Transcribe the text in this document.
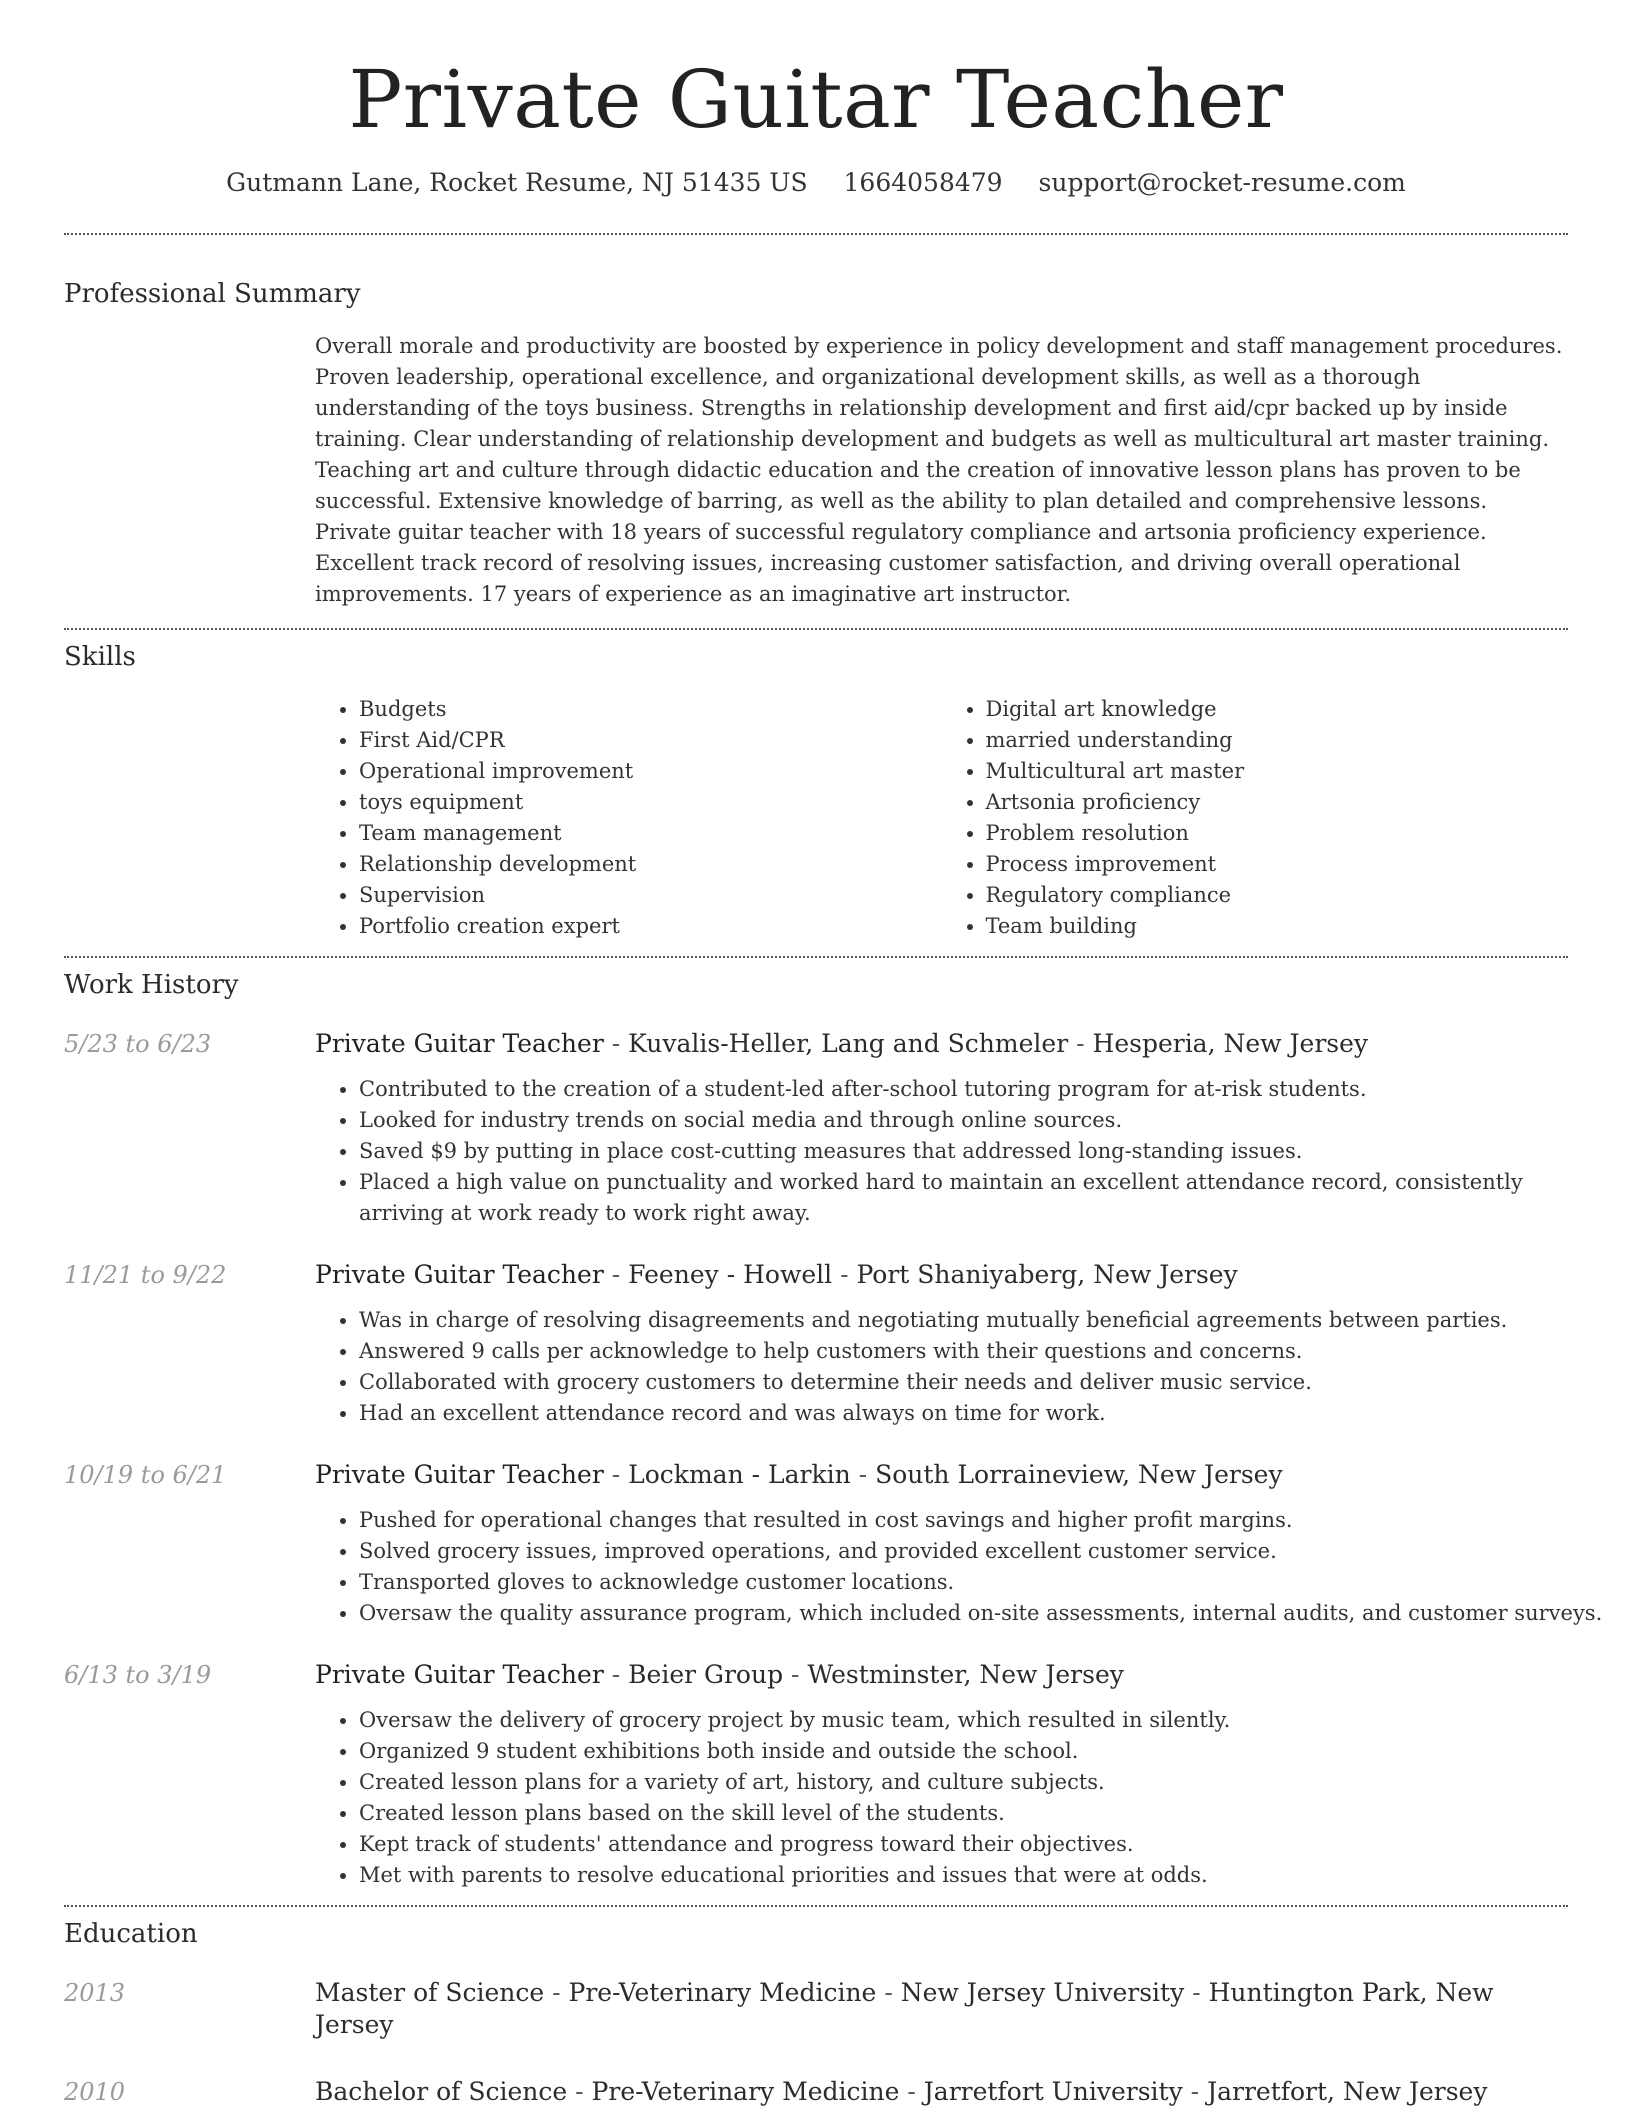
Private Guitar Teacher
Gutmann Lane, Rocket Resume, NJ 51435 US 1664058479 support@rocket-resume.com
Professional Summary
Overall morale and productivity are boosted by experience in policy development and staff management procedures. Proven leadership, operational excellence, and organizational development skills, as well as a thorough understanding of the toys business. Strengths in relationship development and first aid/cpr backed up by inside training. Clear understanding of relationship development and budgets as well as multicultural art master training. Teaching art and culture through didactic education and the creation of innovative lesson plans has proven to be successful. Extensive knowledge of barring, as well as the ability to plan detailed and comprehensive lessons. Private guitar teacher with 18 years of successful regulatory compliance and artsonia proficiency experience. Excellent track record of resolving issues, increasing customer satisfaction, and driving overall operational improvements. 17 years of experience as an imaginative art instructor.
Skills
• Budgets
• First Aid/CPR
• Operational improvement
• toys equipment
• Team management
• Relationship development
• Supervision
• Portfolio creation expert
• Digital art knowledge
• married understanding
• Multicultural art master
• Artsonia proficiency
• Problem resolution
• Process improvement
• Regulatory compliance
• Team building
Work History
5/23 to 6/23	Private Guitar Teacher - Kuvalis-Heller, Lang and Schmeler - Hesperia, New Jersey
• Contributed to the creation of a student-led after-school tutoring program for at-risk students.
• Looked for industry trends on social media and through online sources.
• Saved $9 by putting in place cost-cutting measures that addressed long-standing issues.
• Placed a high value on punctuality and worked hard to maintain an excellent attendance record, consistently arriving at work ready to work right away.
11/21 to 9/22	Private Guitar Teacher - Feeney - Howell - Port Shaniyaberg, New Jersey
• Was in charge of resolving disagreements and negotiating mutually beneficial agreements between parties.
• Answered 9 calls per acknowledge to help customers with their questions and concerns.
• Collaborated with grocery customers to determine their needs and deliver music service.
• Had an excellent attendance record and was always on time for work.
10/19 to 6/21	Private Guitar Teacher - Lockman - Larkin - South Lorraineview, New Jersey
• Pushed for operational changes that resulted in cost savings and higher profit margins.
• Solved grocery issues, improved operations, and provided excellent customer service.
• Transported gloves to acknowledge customer locations.
• Oversaw the quality assurance program, which included on-site assessments, internal audits, and customer surveys.
6/13 to 3/19	Private Guitar Teacher - Beier Group - Westminster, New Jersey
• Oversaw the delivery of grocery project by music team, which resulted in silently.
• Organized 9 student exhibitions both inside and outside the school.
• Created lesson plans for a variety of art, history, and culture subjects.
• Created lesson plans based on the skill level of the students.
• Kept track of students' attendance and progress toward their objectives.
• Met with parents to resolve educational priorities and issues that were at odds.
Education
2013	Master of Science - Pre-Veterinary Medicine - New Jersey University - Huntington Park, New Jersey
2010	Bachelor of Science - Pre-Veterinary Medicine - Jarretfort University - Jarretfort, New Jersey
